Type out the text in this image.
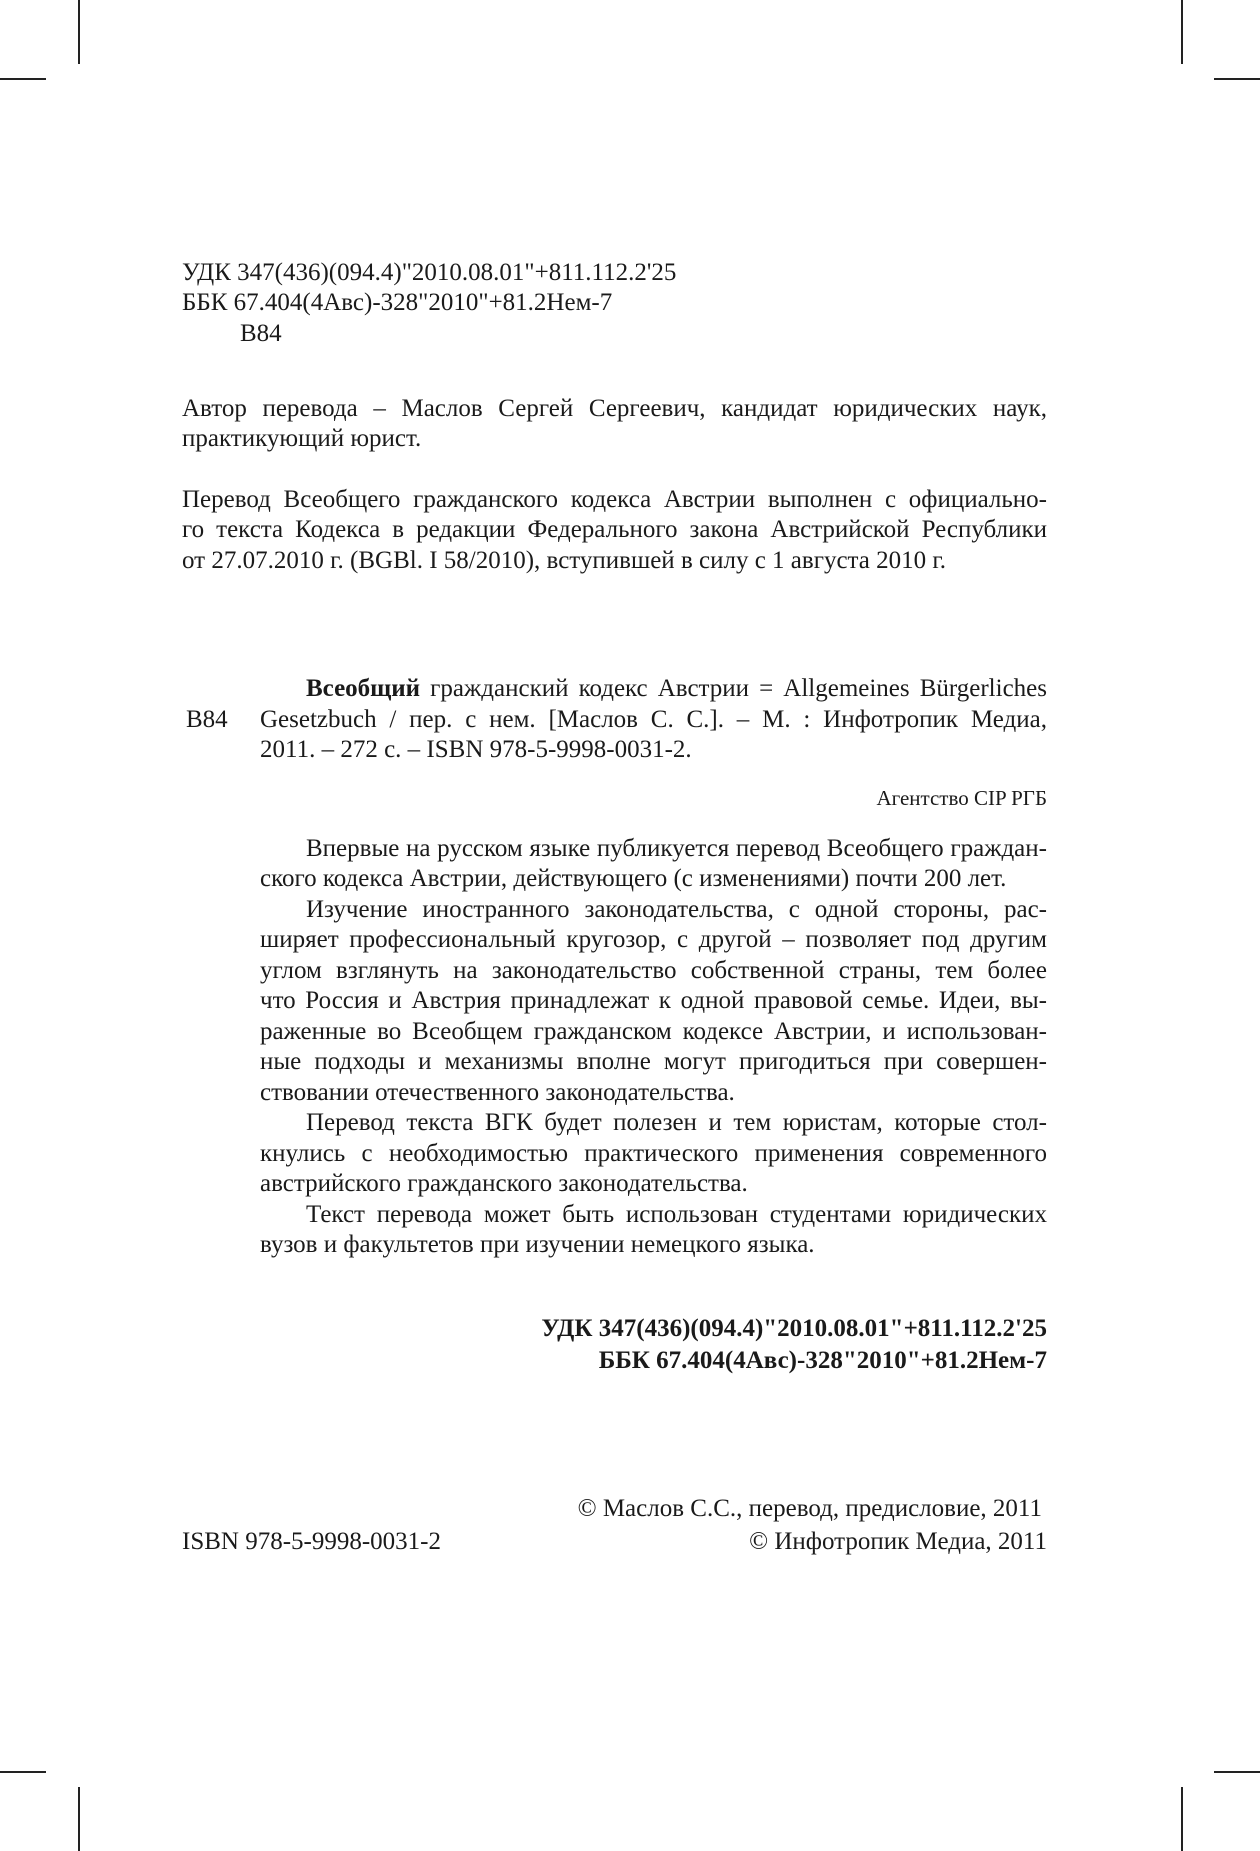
УДК 347(436)(094.4)"2010.08.01"+811.112.2'25
ББК 67.404(4Авс)-328"2010"+81.2Нем-7
В84
Автор перевода – Маслов Сергей Сергеевич, кандидат юридических наук,
практикующий юрист.
Перевод Всеобщего гражданского кодекса Австрии выполнен с официально-
го текста Кодекса в редакции Федерального закона Австрийской Республики
от 27.07.2010 г. (BGBl. I 58/2010), вступившей в силу с 1 августа 2010 г.
В84
Всеобщий гражданский кодекс Австрии = Allgemeines Bürgerliches
Gesetzbuch / пер. с нем. [Маслов С. С.]. – М. : Инфотропик Медиа,
2011. – 272 с. – ISBN 978-5-9998-0031-2.
Агентство CIP РГБ
Впервые на русском языке публикуется перевод Всеобщего граждан-
ского кодекса Австрии, действующего (с изменениями) почти 200 лет.
Изучение иностранного законодательства, с одной стороны, рас-
ширяет профессиональный кругозор, с другой – позволяет под другим
углом взглянуть на законодательство собственной страны, тем более
что Россия и Австрия принадлежат к одной правовой семье. Идеи, вы-
раженные во Всеобщем гражданском кодексе Австрии, и использован-
ные подходы и механизмы вполне могут пригодиться при совершен-
ствовании отечественного законодательства.
Перевод текста ВГК будет полезен и тем юристам, которые стол-
кнулись с необходимостью практического применения современного
австрийского гражданского законодательства.
Текст перевода может быть использован студентами юридических
вузов и факультетов при изучении немецкого языка.
УДК 347(436)(094.4)"2010.08.01"+811.112.2'25
ББК 67.404(4Авс)-328"2010"+81.2Нем-7
© Маслов С.С., перевод, предисловие, 2011
ISBN 978-5-9998-0031-2	© Инфотропик Медиа, 2011
